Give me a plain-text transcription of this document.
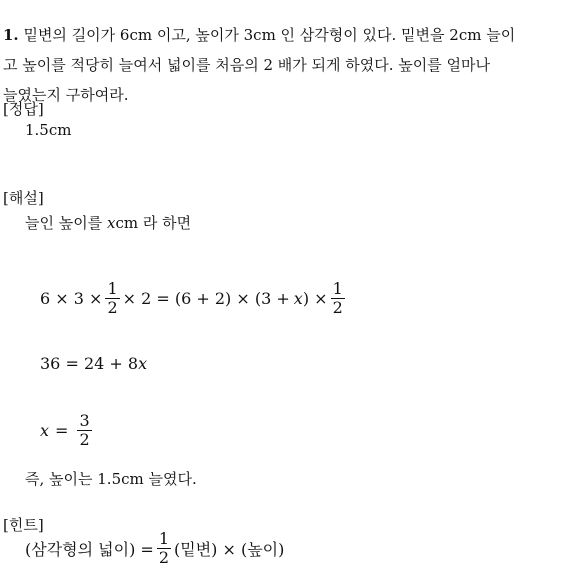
1. 밑변의 길이가 6cm 이고, 높이가 3cm 인 삼각형이 있다. 밑변을 2cm 늘이
고 높이를 적당히 늘여서 넓이를 처음의 2 배가 되게 하였다. 높이를 얼마나
늘였는지 구하여라.
[정답]
1.5cm
[해설]
늘인 높이를 xcm 라 하면
$6 \times 3 \times \frac{1}{2} \times 2 = (6 + 2) \times (3 + x$ ) × $\frac{1}{2}$
36 = 24 + 8 x
$x = \frac{3}{2}$
즉, 높이는 1.5cm 늘였다.
[힌트]
(삼각형의 넓이) = $\frac{1}{2}$ (밑변) × (높이)
